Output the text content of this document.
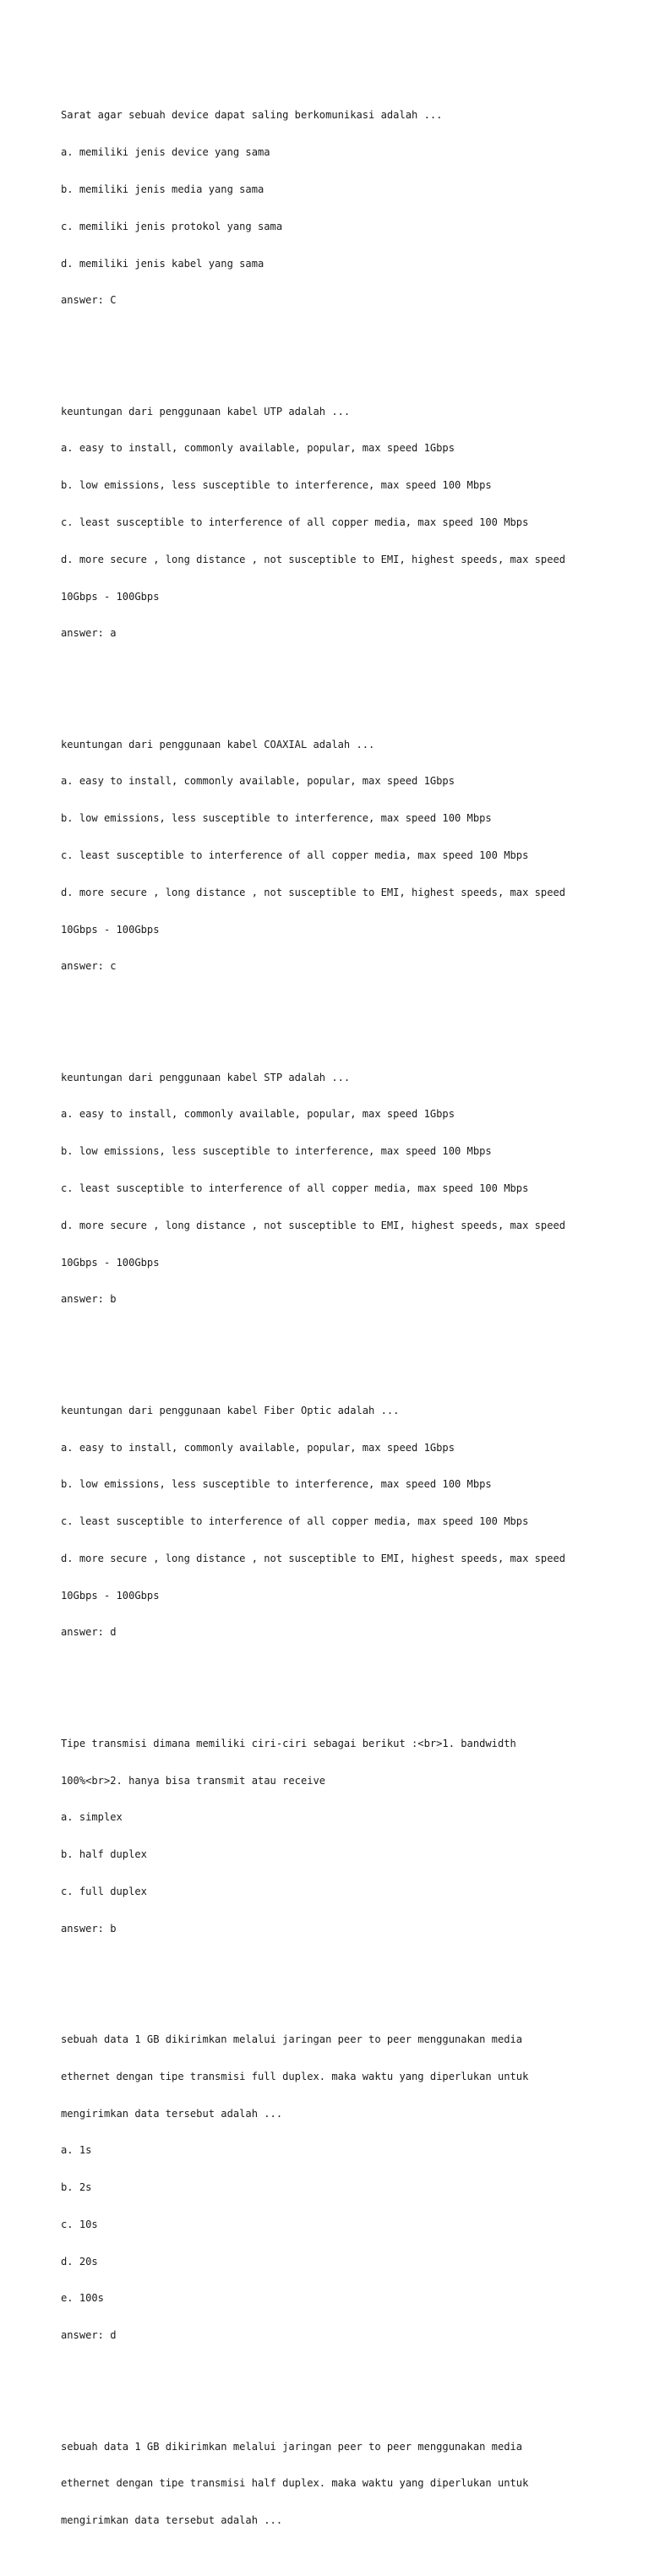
Sarat agar sebuah device dapat saling berkomunikasi adalah ...

a. memiliki jenis device yang sama

b. memiliki jenis media yang sama

c. memiliki jenis protokol yang sama

d. memiliki jenis kabel yang sama

answer: C

keuntungan dari penggunaan kabel UTP adalah ...

a. easy to install, commonly available, popular, max speed 1Gbps

b. low emissions, less susceptible to interference, max speed 100 Mbps

c. least susceptible to interference of all copper media, max speed 100 Mbps

d. more secure , long distance , not susceptible to EMI, highest speeds, max speed

10Gbps - 100Gbps

answer: a

keuntungan dari penggunaan kabel COAXIAL adalah ...

a. easy to install, commonly available, popular, max speed 1Gbps

b. low emissions, less susceptible to interference, max speed 100 Mbps

c. least susceptible to interference of all copper media, max speed 100 Mbps

d. more secure , long distance , not susceptible to EMI, highest speeds, max speed

10Gbps - 100Gbps

answer: c

keuntungan dari penggunaan kabel STP adalah ...

a. easy to install, commonly available, popular, max speed 1Gbps

b. low emissions, less susceptible to interference, max speed 100 Mbps

c. least susceptible to interference of all copper media, max speed 100 Mbps

d. more secure , long distance , not susceptible to EMI, highest speeds, max speed

10Gbps - 100Gbps

answer: b

keuntungan dari penggunaan kabel Fiber Optic adalah ...

a. easy to install, commonly available, popular, max speed 1Gbps

b. low emissions, less susceptible to interference, max speed 100 Mbps

c. least susceptible to interference of all copper media, max speed 100 Mbps

d. more secure , long distance , not susceptible to EMI, highest speeds, max speed

10Gbps - 100Gbps

answer: d

Tipe transmisi dimana memiliki ciri-ciri sebagai berikut :<br>1. bandwidth

100%<br>2. hanya bisa transmit atau receive

a. simplex

b. half duplex

c. full duplex

answer: b

sebuah data 1 GB dikirimkan melalui jaringan peer to peer menggunakan media

ethernet dengan tipe transmisi full duplex. maka waktu yang diperlukan untuk

mengirimkan data tersebut adalah ...

a. 1s

b. 2s

c. 10s

d. 20s

e. 100s

answer: d

sebuah data 1 GB dikirimkan melalui jaringan peer to peer menggunakan media

ethernet dengan tipe transmisi half duplex. maka waktu yang diperlukan untuk

mengirimkan data tersebut adalah ...
